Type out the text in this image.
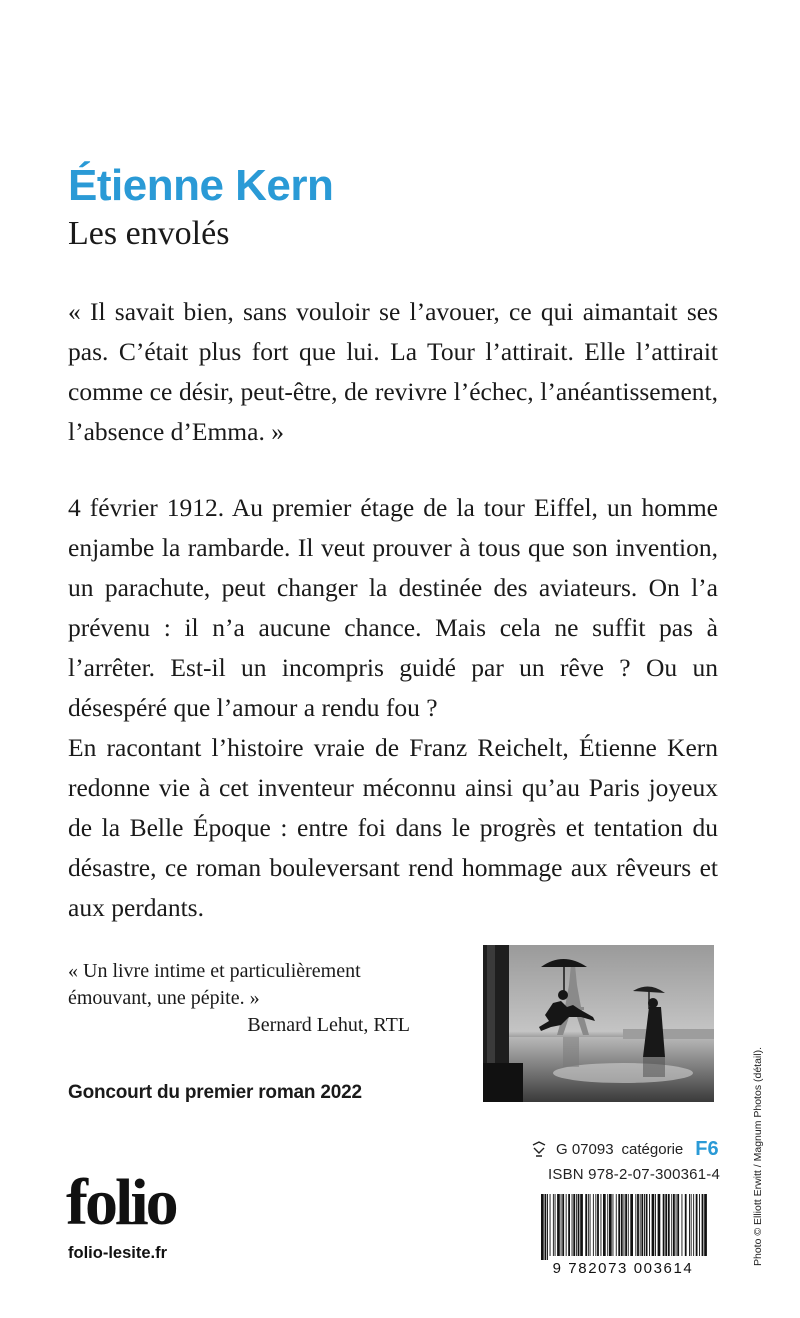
Étienne Kern
Les envolés

« Il savait bien, sans vouloir se l’avouer, ce qui aimantait ses pas. C’était plus fort que lui. La Tour l’attirait. Elle l’attirait comme ce désir, peut-être, de revivre l’échec, l’anéantissement, l’absence d’Emma. »

4 février 1912. Au premier étage de la tour Eiffel, un homme enjambe la rambarde. Il veut prouver à tous que son invention, un parachute, peut changer la destinée des aviateurs. On l’a prévenu : il n’a aucune chance. Mais cela ne suffit pas à l’arrêter. Est-il un incompris guidé par un rêve ? Ou un désespéré que l’amour a rendu fou ?

En racontant l’histoire vraie de Franz Reichelt, Étienne Kern redonne vie à cet inventeur méconnu ainsi qu’au Paris joyeux de la Belle Époque : entre foi dans le progrès et tentation du désastre, ce roman bouleversant rend hommage aux rêveurs et aux perdants.

« Un livre intime et particulièrement
émouvant, une pépite. »
Bernard Lehut, RTL
Goncourt du premier roman 2022	Photo © Elliott Erwitt / Magnum Photos (détail).
folio
folio-lesite.fr
G 07093 catégorie F6
ISBN 978-2-07-300361-4
9 782073 003614
